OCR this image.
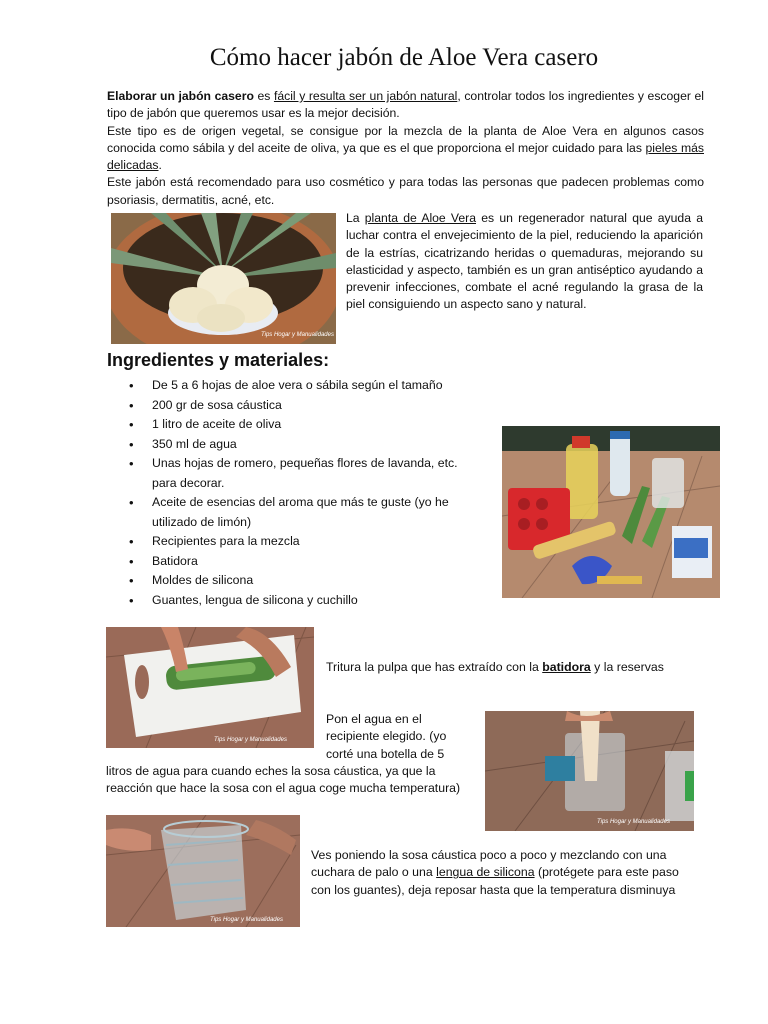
Cómo hacer jabón de Aloe Vera casero
Elaborar un jabón casero es fácil y resulta ser un jabón natural, controlar todos los ingredientes y escoger el tipo de jabón que queremos usar es la mejor decisión.
Este tipo es de origen vegetal, se consigue por la mezcla de la planta de Aloe Vera en algunos casos conocida como sábila y del aceite de oliva, ya que es el que proporciona el mejor cuidado para las pieles más delicadas.
Este jabón está recomendado para uso cosmético y para todas las personas que padecen problemas como psoriasis, dermatitis, acné, etc.
Tips Hogar y Manualidades
La planta de Aloe Vera es un regenerador natural que ayuda a luchar contra el envejecimiento de la piel, reduciendo la aparición de la estrías, cicatrizando heridas o quemaduras, mejorando su elasticidad y aspecto, también es un gran antiséptico ayudando a prevenir infecciones, combate el acné regulando la grasa de la piel consiguiendo un aspecto sano y natural.
Ingredientes y materiales:
• De 5 a 6 hojas de aloe vera o sábila según el tamaño
• 200 gr de sosa cáustica
• 1 litro de aceite de oliva
• 350 ml de agua
• Unas hojas de romero, pequeñas flores de lavanda, etc. para decorar.
• Aceite de esencias del aroma que más te guste (yo he utilizado de limón)
• Recipientes para la mezcla
• Batidora
• Moldes de silicona
• Guantes, lengua de silicona y cuchillo
Tips Hogar y Manualidades
Tritura la pulpa que has extraído con la batidora y la reservas
Pon el agua en el recipiente elegido. (yo corté una botella de 5
litros de agua para cuando eches la sosa cáustica, ya que la reacción que hace la sosa con el agua coge mucha temperatura)
Tips Hogar y Manualidades
Tips Hogar y Manualidades
Ves poniendo la sosa cáustica poco a poco y mezclando con una cuchara de palo o una lengua de silicona (protégete para este paso con los guantes), deja reposar hasta que la temperatura disminuya
